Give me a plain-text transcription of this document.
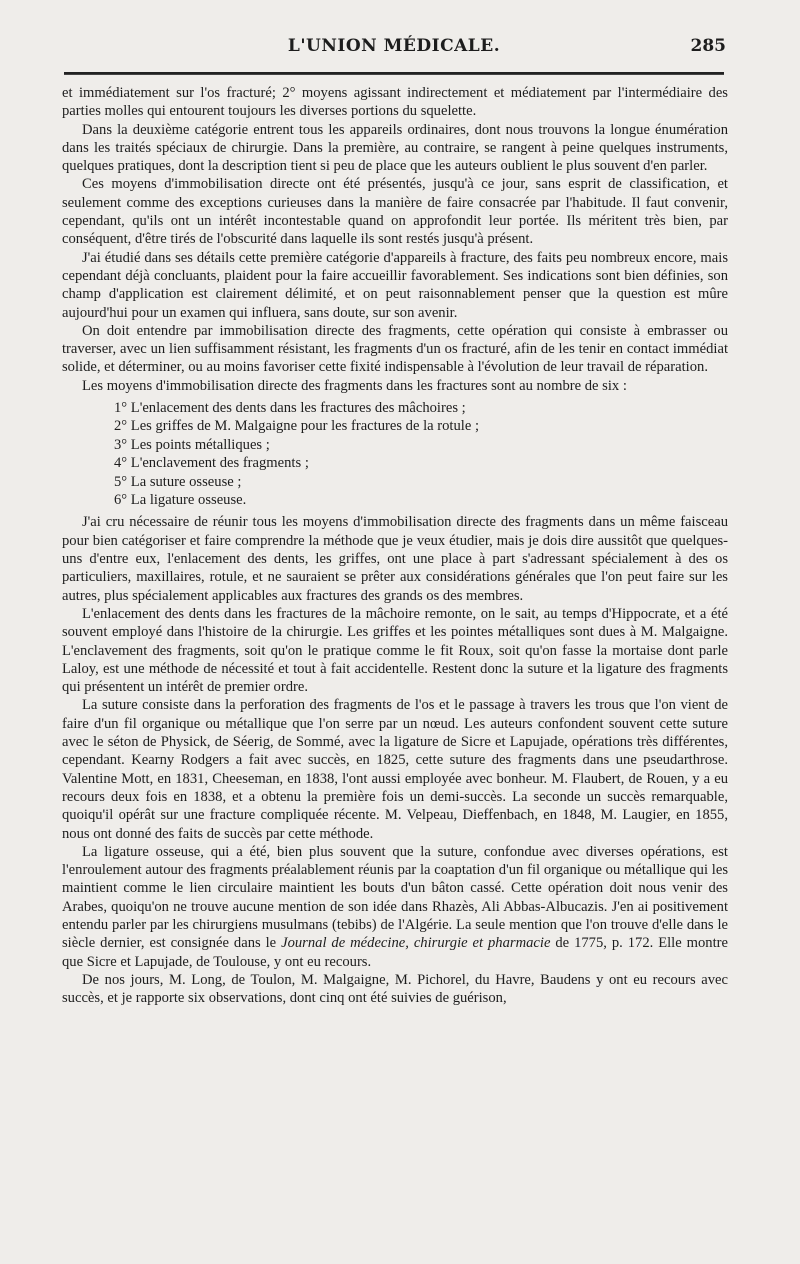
L'UNION MÉDICALE.	285

et immédiatement sur l'os fracturé; 2° moyens agissant indirectement et médiatement par l'intermédiaire des parties molles qui entourent toujours les diverses portions du squelette.

Dans la deuxième catégorie entrent tous les appareils ordinaires, dont nous trouvons la longue énumération dans les traités spéciaux de chirurgie. Dans la première, au contraire, se rangent à peine quelques instruments, quelques pratiques, dont la description tient si peu de place que les auteurs oublient le plus souvent d'en parler.

Ces moyens d'immobilisation directe ont été présentés, jusqu'à ce jour, sans esprit de classification, et seulement comme des exceptions curieuses dans la manière de faire consacrée par l'habitude. Il faut convenir, cependant, qu'ils ont un intérêt incontestable quand on approfondit leur portée. Ils méritent très bien, par conséquent, d'être tirés de l'obscurité dans laquelle ils sont restés jusqu'à présent.

J'ai étudié dans ses détails cette première catégorie d'appareils à fracture, des faits peu nombreux encore, mais cependant déjà concluants, plaident pour la faire accueillir favorablement. Ses indications sont bien définies, son champ d'application est clairement délimité, et on peut raisonnablement penser que la question est mûre aujourd'hui pour un examen qui influera, sans doute, sur son avenir.

On doit entendre par immobilisation directe des fragments, cette opération qui consiste à embrasser ou traverser, avec un lien suffisamment résistant, les fragments d'un os fracturé, afin de les tenir en contact immédiat solide, et déterminer, ou au moins favoriser cette fixité indispensable à l'évolution de leur travail de réparation.

Les moyens d'immobilisation directe des fragments dans les fractures sont au nombre de six :

1° L'enlacement des dents dans les fractures des mâchoires ;
2° Les griffes de M. Malgaigne pour les fractures de la rotule ;
3° Les points métalliques ;
4° L'enclavement des fragments ;
5° La suture osseuse ;
6° La ligature osseuse.

J'ai cru nécessaire de réunir tous les moyens d'immobilisation directe des fragments dans un même faisceau pour bien catégoriser et faire comprendre la méthode que je veux étudier, mais je dois dire aussitôt que quelques-uns d'entre eux, l'enlacement des dents, les griffes, ont une place à part s'adressant spécialement à des os particuliers, maxillaires, rotule, et ne sauraient se prêter aux considérations générales que l'on peut faire sur les autres, plus spécialement applicables aux fractures des grands os des membres.

L'enlacement des dents dans les fractures de la mâchoire remonte, on le sait, au temps d'Hippocrate, et a été souvent employé dans l'histoire de la chirurgie. Les griffes et les pointes métalliques sont dues à M. Malgaigne. L'enclavement des fragments, soit qu'on le pratique comme le fit Roux, soit qu'on fasse la mortaise dont parle Laloy, est une méthode de nécessité et tout à fait accidentelle. Restent donc la suture et la ligature des fragments qui présentent un intérêt de premier ordre.

La suture consiste dans la perforation des fragments de l'os et le passage à travers les trous que l'on vient de faire d'un fil organique ou métallique que l'on serre par un nœud. Les auteurs confondent souvent cette suture avec le séton de Physick, de Séerig, de Sommé, avec la ligature de Sicre et Lapujade, opérations très différentes, cependant. Kearny Rodgers a fait avec succès, en 1825, cette suture des fragments dans une pseudarthrose. Valentine Mott, en 1831, Cheeseman, en 1838, l'ont aussi employée avec bonheur. M. Flaubert, de Rouen, y a eu recours deux fois en 1838, et a obtenu la première fois un demi-succès. La seconde un succès remarquable, quoiqu'il opérât sur une fracture compliquée récente. M. Velpeau, Dieffenbach, en 1848, M. Laugier, en 1855, nous ont donné des faits de succès par cette méthode.

La ligature osseuse, qui a été, bien plus souvent que la suture, confondue avec diverses opérations, est l'enroulement autour des fragments préalablement réunis par la coaptation d'un fil organique ou métallique qui les maintient comme le lien circulaire maintient les bouts d'un bâton cassé. Cette opération doit nous venir des Arabes, quoiqu'on ne trouve aucune mention de son idée dans Rhazès, Ali Abbas-Albucazis. J'en ai positivement entendu parler par les chirurgiens musulmans (tebibs) de l'Algérie. La seule mention que l'on trouve d'elle dans le siècle dernier, est consignée dans le Journal de médecine, chirurgie et pharmacie de 1775, p. 172. Elle montre que Sicre et Lapujade, de Toulouse, y ont eu recours.

De nos jours, M. Long, de Toulon, M. Malgaigne, M. Pichorel, du Havre, Baudens y ont eu recours avec succès, et je rapporte six observations, dont cinq ont été suivies de guérison,
